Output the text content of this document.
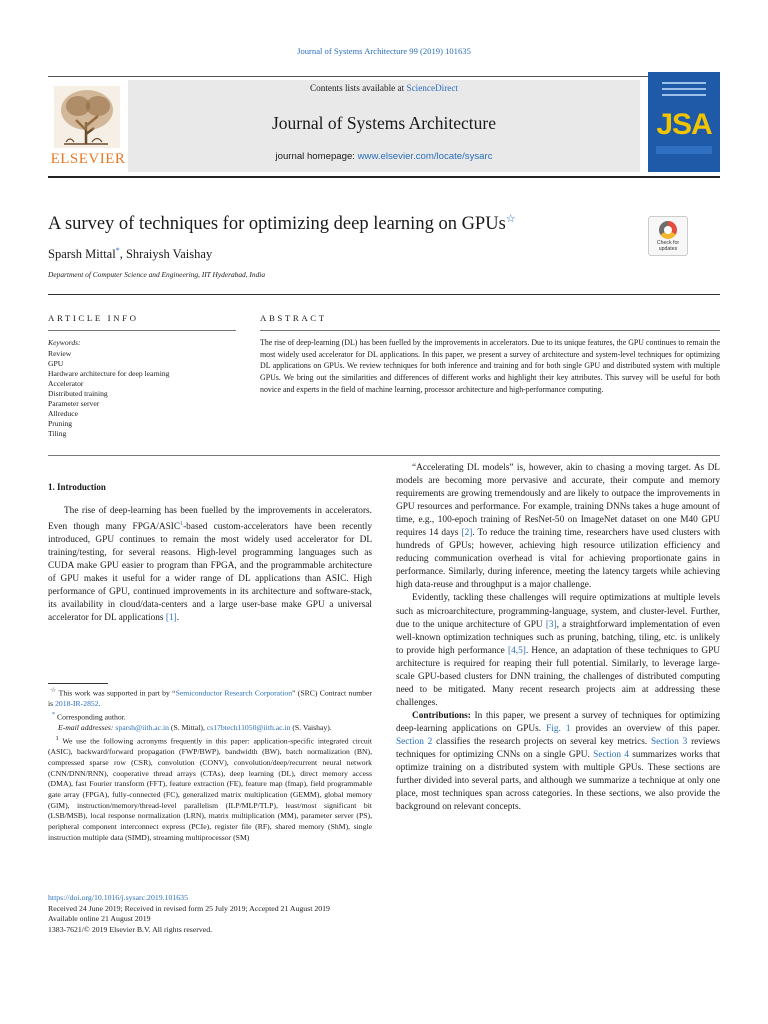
Journal of Systems Architecture 99 (2019) 101635
Contents lists available at ScienceDirect
Journal of Systems Architecture
journal homepage: www.elsevier.com/locate/sysarc
ELSEVIER
JSA
A survey of techniques for optimizing deep learning on GPUs☆
Sparsh Mittal*, Shraiysh Vaishay
Department of Computer Science and Engineering, IIT Hyderabad, India
Check for updates
ARTICLE INFO	ABSTRACT
Keywords:
Review
GPU
Hardware architecture for deep learning
Accelerator
Distributed training
Parameter server
Allreduce
Pruning
Tiling
The rise of deep-learning (DL) has been fuelled by the improvements in accelerators. Due to its unique features, the GPU continues to remain the most widely used accelerator for DL applications. In this paper, we present a survey of architecture and system-level techniques for optimizing DL applications on GPUs. We review techniques for both inference and training and for both single GPU and distributed system with multiple GPUs. We bring out the similarities and differences of different works and highlight their key attributes. This survey will be useful for both novice and experts in the field of machine learning, processor architecture and high-performance computing.
1. Introduction

The rise of deep-learning has been fuelled by the improvements in accelerators. Even though many FPGA/ASIC$^1$-based custom-accelerators have been recently introduced, GPU continues to remain the most widely used accelerator for DL training/testing, for several reasons. High-level programming languages such as CUDA make GPU easier to program than FPGA, and the programmable architecture of GPU makes it useful for a wider range of DL applications than ASIC. High performance of GPU, continued improvements in its architecture and software-stack, its availability in cloud/data-centers and a large user-base make GPU a universal accelerator for DL applications [1].

☆ This work was supported in part by “Semiconductor Research Corporation” (SRC) Contract number is 2018-IR-2852.

* Corresponding author.

E-mail addresses: sparsh@iith.ac.in (S. Mittal), cs17btech11050@iith.ac.in (S. Vaishay).

$^1$ We use the following acronyms frequently in this paper: application-specific integrated circuit (ASIC), backward/forward propagation (FWP/BWP), bandwidth (BW), batch normalization (BN), compressed sparse row (CSR), convolution (CONV), convolution/deep/recurrent neural network (CNN/DNN/RNN), cooperative thread arrays (CTAs), deep learning (DL), direct memory access (DMA), fast Fourier transform (FFT), feature extraction (FE), feature map (fmap), field programmable gate array (FPGA), fully-connected (FC), generalized matrix multiplication (GEMM), global memory (GlM), instruction/memory/thread-level parallelism (ILP/MLP/TLP), least/most significant bit (LSB/MSB), local response normalization (LRN), matrix multiplication (MM), parameter server (PS), peripheral component interconnect express (PCIe), register file (RF), shared memory (ShM), single instruction multiple data (SIMD), streaming multiprocessor (SM)

“Accelerating DL models” is, however, akin to chasing a moving target. As DL models are becoming more pervasive and accurate, their compute and memory requirements are growing tremendously and are likely to outpace the improvements in GPU resources and performance. For example, training DNNs takes a huge amount of time, e.g., 100-epoch training of ResNet-50 on ImageNet dataset on one M40 GPU requires 14 days [2]. To reduce the training time, researchers have used clusters with hundreds of GPUs; however, achieving high resource utilization efficiency and reducing communication overhead is vital for achieving proportionate gains in performance. Similarly, during inference, meeting the latency targets while achieving high data-reuse and throughput is a major challenge.

Evidently, tackling these challenges will require optimizations at multiple levels such as microarchitecture, programming-language, system, and cluster-level. Further, due to the unique architecture of GPU [3], a straightforward implementation of even well-known optimization techniques such as pruning, batching, tiling, etc. is unlikely to provide high performance [4,5]. Hence, an adaptation of these techniques to GPU architecture is required for reaping their full potential. Similarly, to leverage large-scale GPU-based clusters for DNN training, the challenges of distributed computing need to be mitigated. Many recent research projects aim at addressing these challenges.

Contributions: In this paper, we present a survey of techniques for optimizing deep-learning applications on GPUs. Fig. 1 provides an overview of this paper. Section 2 classifies the research projects on several key metrics. Section 3 reviews techniques for optimizing CNNs on a single GPU. Section 4 summarizes works that optimize training on a distributed system with multiple GPUs. These sections are further divided into several parts, and although we summarize a technique at only one place, most techniques span across categories. In these sections, we also provide the background on relevant concepts.

https://doi.org/10.1016/j.sysarc.2019.101635
Received 24 June 2019; Received in revised form 25 July 2019; Accepted 21 August 2019
Available online 21 August 2019
1383-7621/© 2019 Elsevier B.V. All rights reserved.
